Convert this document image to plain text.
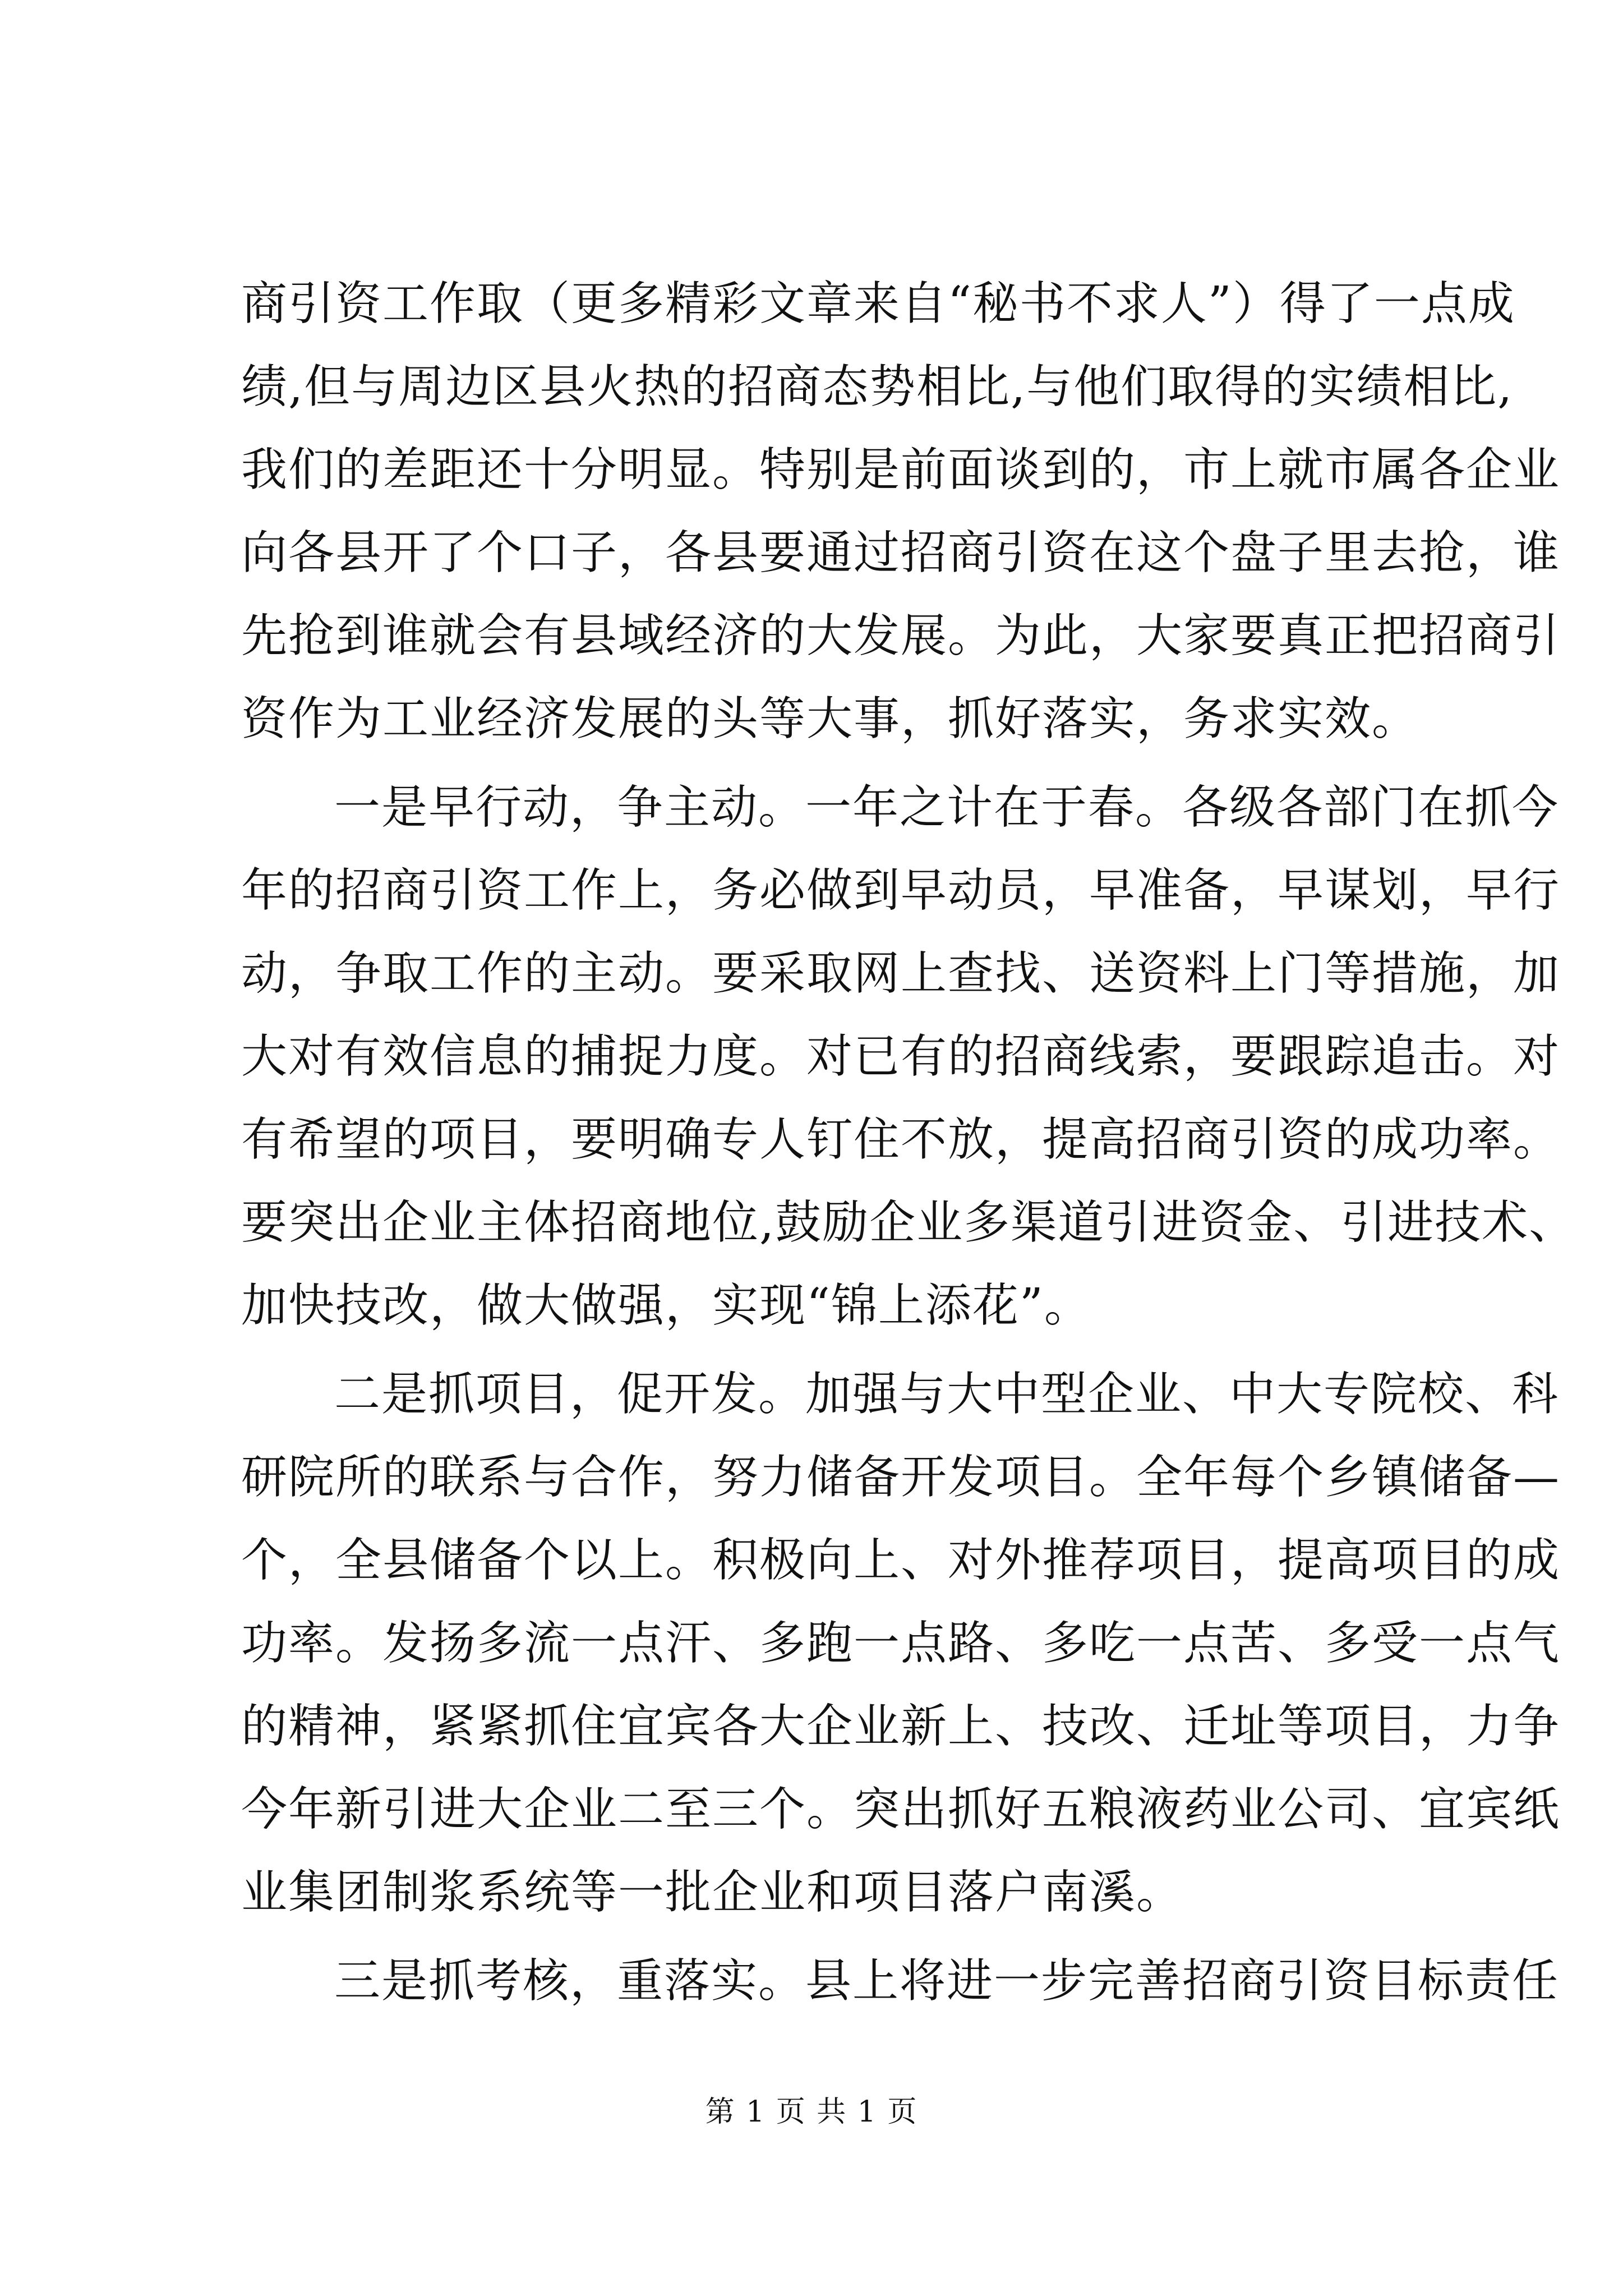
商引资工作取（更多精彩文章来自“秘书不求人”）得了一点成
绩,但与周边区县火热的招商态势相比,与他们取得的实绩相比,
我们的差距还十分明显。特别是前面谈到的，市上就市属各企业
向各县开了个口子，各县要通过招商引资在这个盘子里去抢，谁
先抢到谁就会有县域经济的大发展。为此，大家要真正把招商引
资作为工业经济发展的头等大事，抓好落实，务求实效。
一是早行动，争主动。一年之计在于春。各级各部门在抓今
年的招商引资工作上，务必做到早动员，早准备，早谋划，早行
动，争取工作的主动。要采取网上查找、送资料上门等措施，加
大对有效信息的捕捉力度。对已有的招商线索，要跟踪追击。对
有希望的项目，要明确专人钉住不放，提高招商引资的成功率。
要突出企业主体招商地位,鼓励企业多渠道引进资金、引进技术、
加快技改，做大做强，实现“锦上添花”。
二是抓项目，促开发。加强与大中型企业、中大专院校、科
研院所的联系与合作，努力储备开发项目。全年每个乡镇储备—
个，全县储备个以上。积极向上、对外推荐项目，提高项目的成
功率。发扬多流一点汗、多跑一点路、多吃一点苦、多受一点气
的精神，紧紧抓住宜宾各大企业新上、技改、迁址等项目，力争
今年新引进大企业二至三个。突出抓好五粮液药业公司、宜宾纸
业集团制浆系统等一批企业和项目落户南溪。
三是抓考核，重落实。县上将进一步完善招商引资目标责任
第 1 页 共 1 页
